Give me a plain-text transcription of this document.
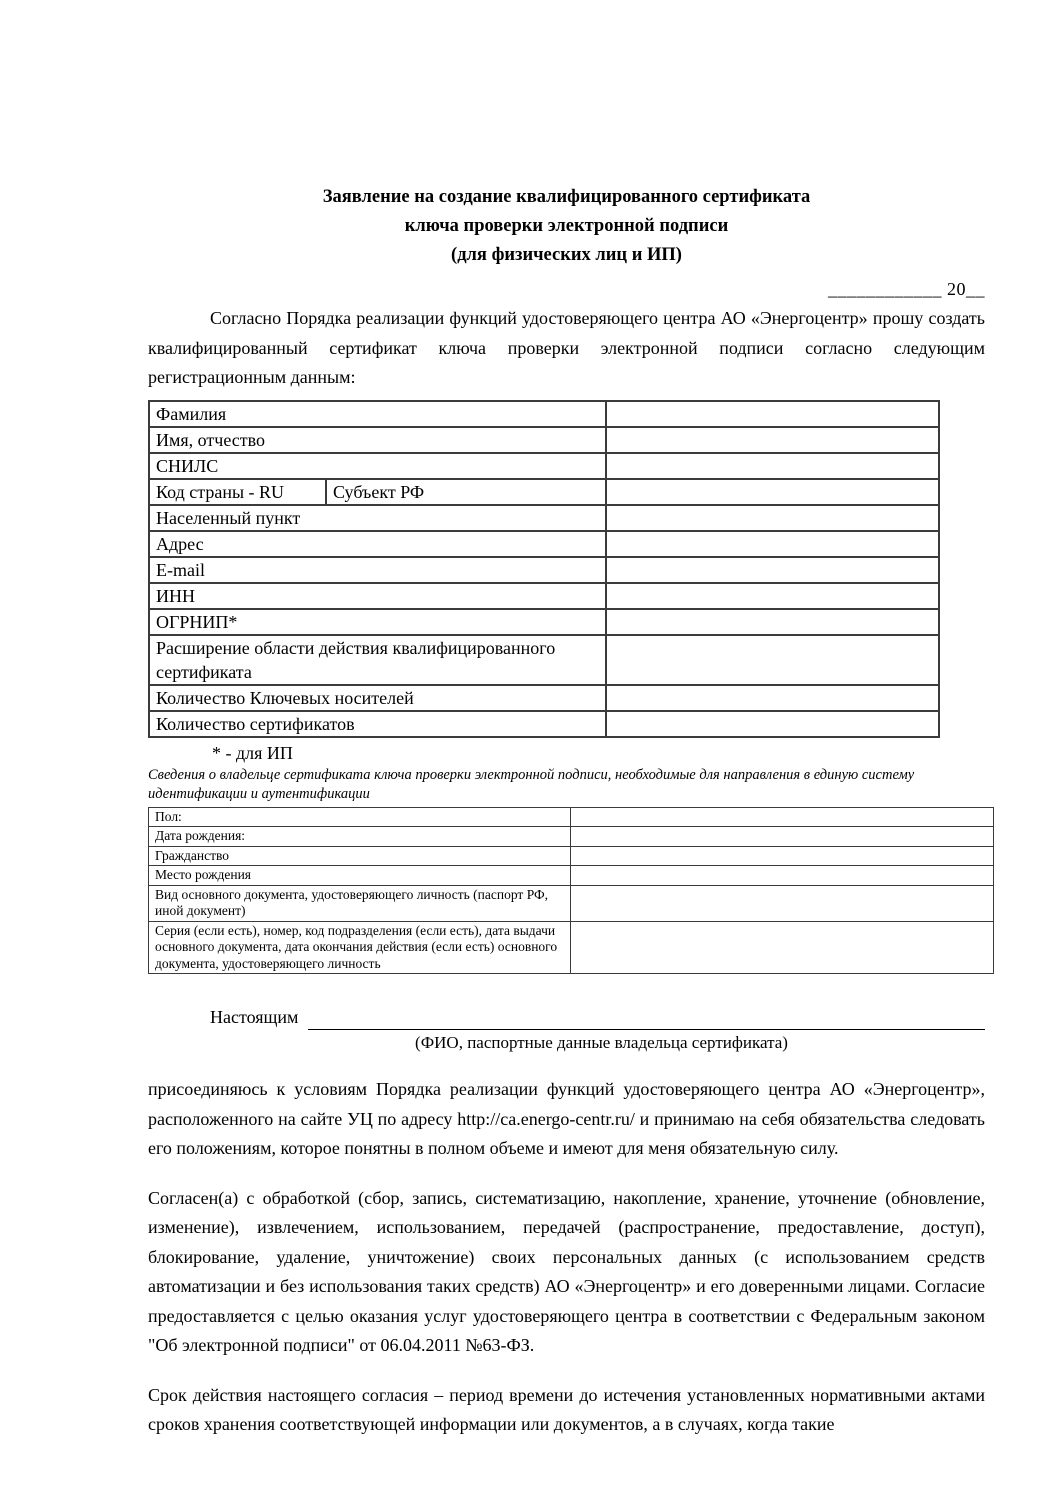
Заявление на создание квалифицированного сертификата
ключа проверки электронной подписи
(для физических лиц и ИП)
____________ 20__
Согласно Порядка реализации функций удостоверяющего центра АО «Энергоцентр» прошу создать квалифицированный сертификат ключа проверки электронной подписи согласно следующим регистрационным данным:
Фамилия		
Имя, отчество		
СНИЛС		
Код страны - RU	Субъект РФ	
Населенный пункт		
Адрес		
E-mail		
ИНН		
ОГРНИП*		
Расширение области действия квалифицированного сертификата		
Количество Ключевых носителей		
Количество сертификатов		
* - для ИП
Сведения о владельце сертификата ключа проверки электронной подписи, необходимые для направления в единую систему идентификации и аутентификации
Пол:	
Дата рождения:	
Гражданство	
Место рождения	
Вид основного документа, удостоверяющего личность (паспорт РФ, иной документ)	
Серия (если есть), номер, код подразделения (если есть), дата выдачи основного документа, дата окончания действия (если есть) основного документа, удостоверяющего личность	
Настоящим
(ФИО, паспортные данные владельца сертификата)
присоединяюсь к условиям Порядка реализации функций удостоверяющего центра АО «Энергоцентр», расположенного на сайте УЦ по адресу http://ca.energo-centr.ru/ и принимаю на себя обязательства следовать его положениям, которое понятны в полном объеме и имеют для меня обязательную силу.
Согласен(а) с обработкой (сбор, запись, систематизацию, накопление, хранение, уточнение (обновление, изменение), извлечением, использованием, передачей (распространение, предоставление, доступ), блокирование, удаление, уничтожение) своих персональных данных (с использованием средств автоматизации и без использования таких средств) АО «Энергоцентр» и его доверенными лицами. Согласие предоставляется с целью оказания услуг удостоверяющего центра в соответствии с Федеральным законом "Об электронной подписи" от 06.04.2011 №63-ФЗ.
Срок действия настоящего согласия – период времени до истечения установленных нормативными актами сроков хранения соответствующей информации или документов, а в случаях, когда такие
